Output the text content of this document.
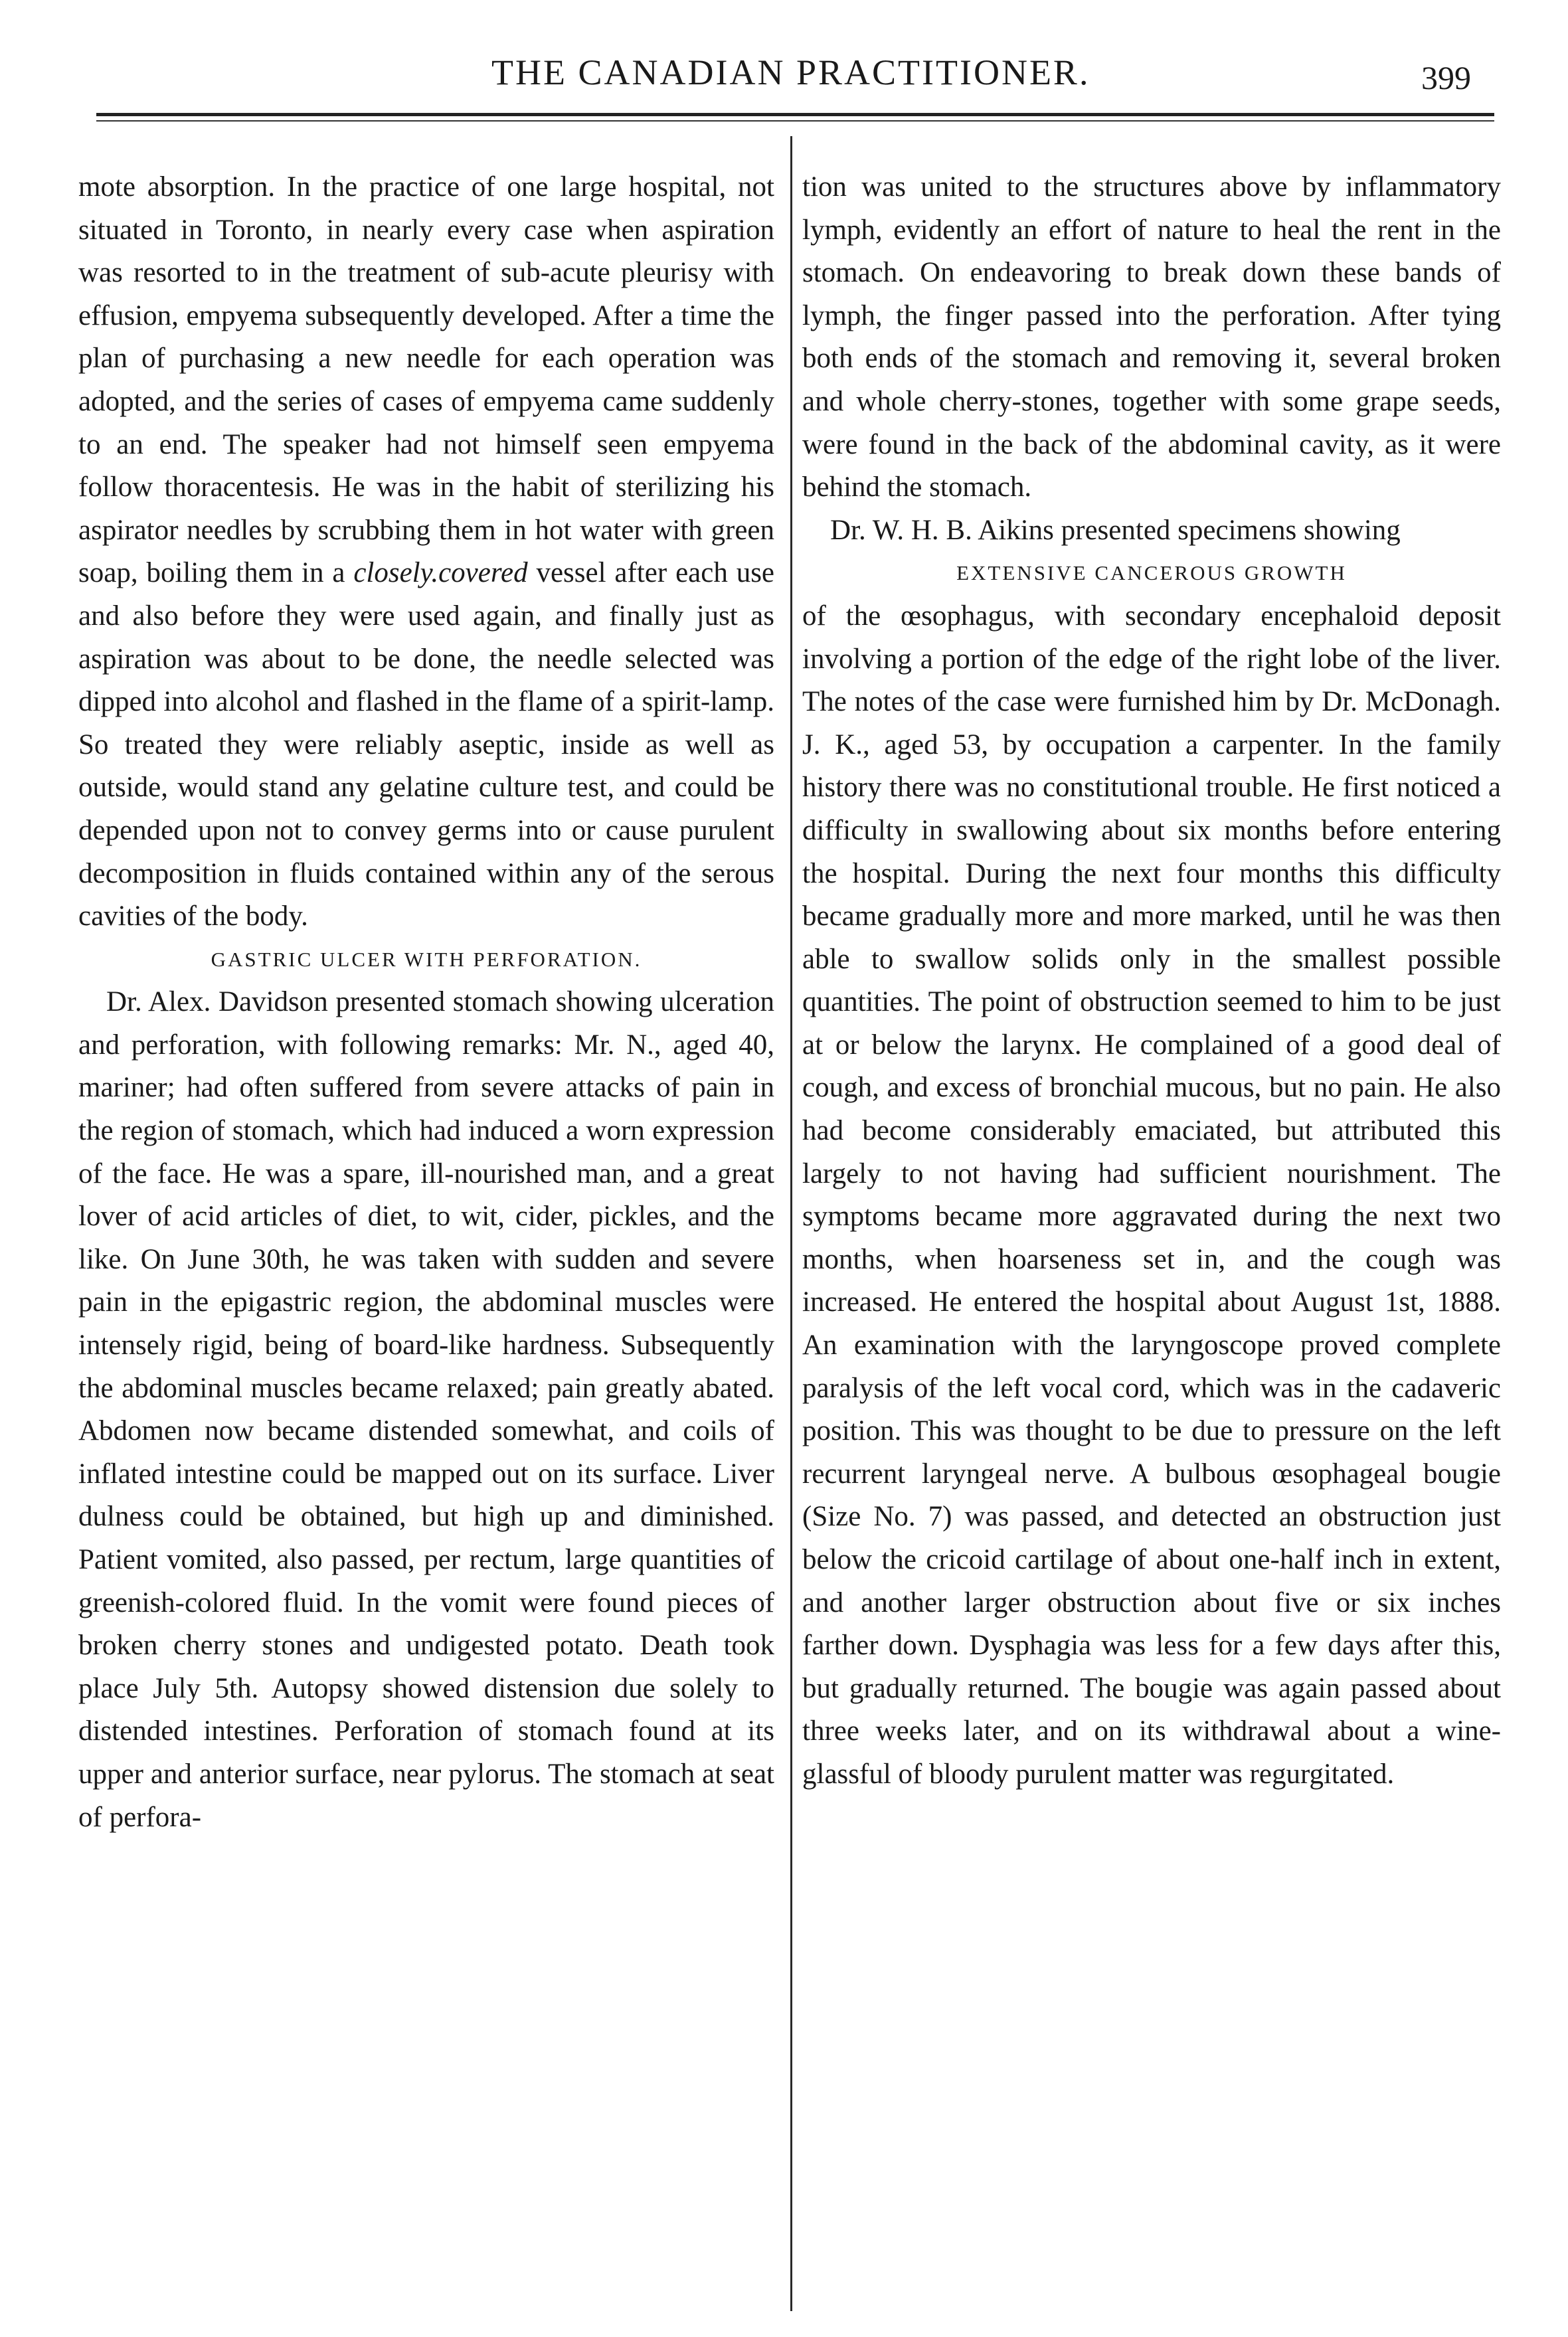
THE CANADIAN PRACTITIONER.	399

mote absorption. In the practice of one large hospital, not situated in Toronto, in nearly every case when aspiration was resorted to in the treatment of sub-acute pleurisy with effusion, empyema subsequently developed. After a time the plan of purchasing a new needle for each operation was adopted, and the series of cases of empyema came suddenly to an end. The speaker had not himself seen empyema follow thoracentesis. He was in the habit of sterilizing his aspirator needles by scrubbing them in hot water with green soap, boiling them in a closely.covered vessel after each use and also before they were used again, and finally just as aspiration was about to be done, the needle selected was dipped into alcohol and flashed in the flame of a spirit-lamp. So treated they were reliably aseptic, inside as well as outside, would stand any gelatine culture test, and could be depended upon not to convey germs into or cause purulent decomposition in fluids contained within any of the serous cavities of the body.

GASTRIC ULCER WITH PERFORATION.

Dr. Alex. Davidson presented stomach showing ulceration and perforation, with following remarks: Mr. N., aged 40, mariner; had often suffered from severe attacks of pain in the region of stomach, which had induced a worn expression of the face. He was a spare, ill-nourished man, and a great lover of acid articles of diet, to wit, cider, pickles, and the like. On June 30th, he was taken with sudden and severe pain in the epigastric region, the abdominal muscles were intensely rigid, being of board-like hardness. Subsequently the abdominal muscles became relaxed; pain greatly abated. Abdomen now became distended somewhat, and coils of inflated intestine could be mapped out on its surface. Liver dulness could be obtained, but high up and diminished. Patient vomited, also passed, per rectum, large quantities of greenish-colored fluid. In the vomit were found pieces of broken cherry stones and undigested potato. Death took place July 5th. Autopsy showed distension due solely to distended intestines. Perforation of stomach found at its upper and anterior surface, near pylorus. The stomach at seat of perfora-

tion was united to the structures above by inflammatory lymph, evidently an effort of nature to heal the rent in the stomach. On endeavoring to break down these bands of lymph, the finger passed into the perforation. After tying both ends of the stomach and removing it, several broken and whole cherry-stones, together with some grape seeds, were found in the back of the abdominal cavity, as it were behind the stomach.

Dr. W. H. B. Aikins presented specimens showing

EXTENSIVE CANCEROUS GROWTH

of the œsophagus, with secondary encephaloid deposit involving a portion of the edge of the right lobe of the liver. The notes of the case were furnished him by Dr. McDonagh. J. K., aged 53, by occupation a carpenter. In the family history there was no constitutional trouble. He first noticed a difficulty in swallowing about six months before entering the hospital. During the next four months this difficulty became gradually more and more marked, until he was then able to swallow solids only in the smallest possible quantities. The point of obstruction seemed to him to be just at or below the larynx. He complained of a good deal of cough, and excess of bronchial mucous, but no pain. He also had become considerably emaciated, but attributed this largely to not having had sufficient nourishment. The symptoms became more aggravated during the next two months, when hoarseness set in, and the cough was increased. He entered the hospital about August 1st, 1888. An examination with the laryngoscope proved complete paralysis of the left vocal cord, which was in the cadaveric position. This was thought to be due to pressure on the left recurrent laryngeal nerve. A bulbous œsophageal bougie (Size No. 7) was passed, and detected an obstruction just below the cricoid cartilage of about one-half inch in extent, and another larger obstruction about five or six inches farther down. Dysphagia was less for a few days after this, but gradually returned. The bougie was again passed about three weeks later, and on its withdrawal about a wine-glassful of bloody purulent matter was regurgitated.
